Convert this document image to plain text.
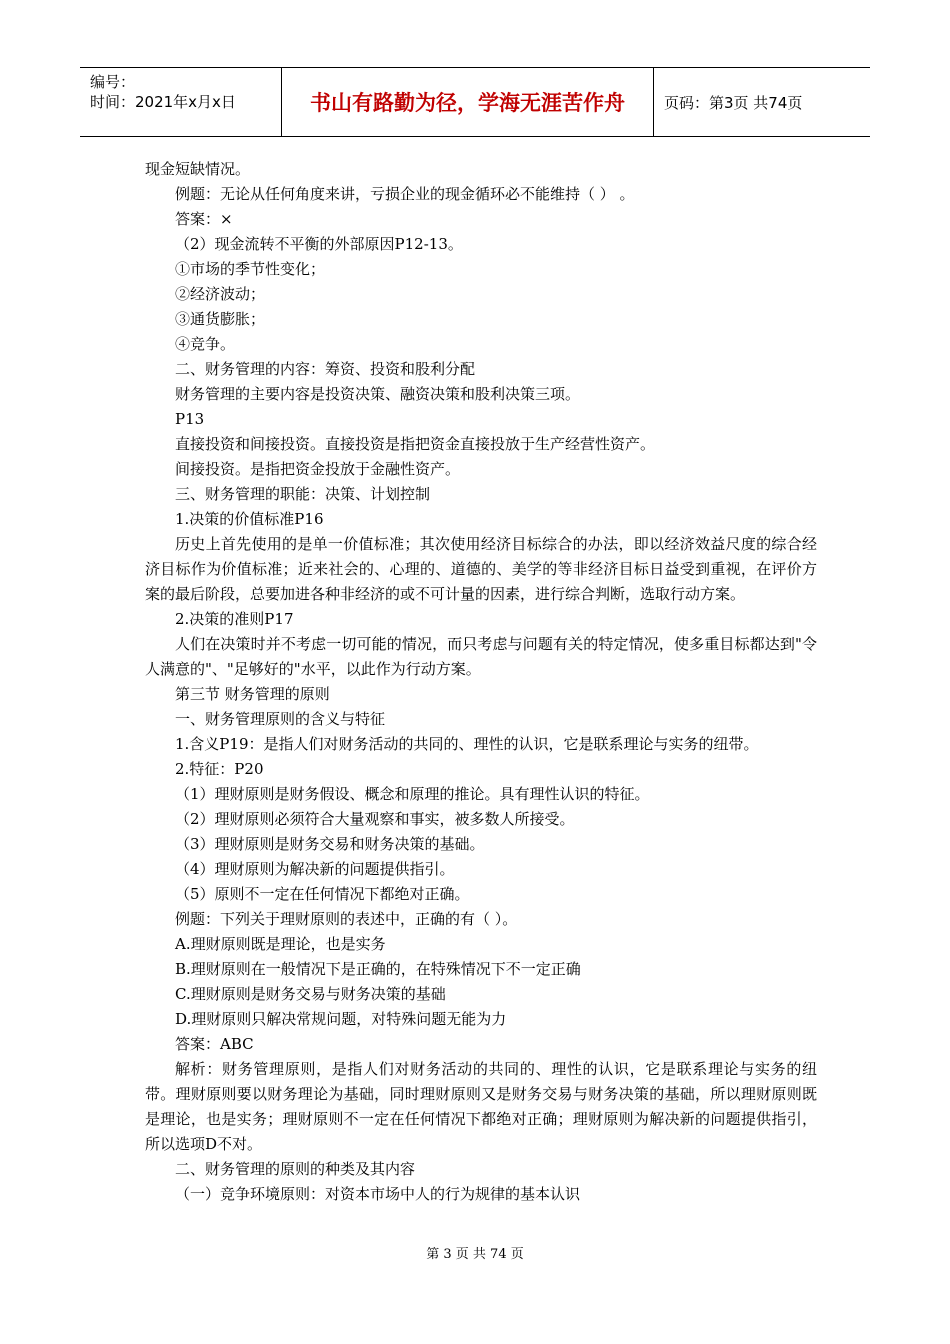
编号：
时间：2021年x月x日	书山有路勤为径，学海无涯苦作舟	页码：第3页 共74页
现金短缺情况。
例题：无论从任何角度来讲，亏损企业的现金循环必不能维持（ ） 。
答案：×
（2）现金流转不平衡的外部原因P12-13。
①市场的季节性变化；
②经济波动；
③通货膨胀；
④竞争。
二、财务管理的内容：筹资、投资和股利分配
财务管理的主要内容是投资决策、融资决策和股利决策三项。
P13
直接投资和间接投资。直接投资是指把资金直接投放于生产经营性资产。
间接投资。是指把资金投放于金融性资产。
三、财务管理的职能：决策、计划控制
1.决策的价值标准P16
历史上首先使用的是单一价值标准；其次使用经济目标综合的办法，即以经济效益尺度的综合经济目标作为价值标准；近来社会的、心理的、道德的、美学的等非经济目标日益受到重视，在评价方案的最后阶段，总要加进各种非经济的或不可计量的因素，进行综合判断，选取行动方案。
2.决策的准则P17
人们在决策时并不考虑一切可能的情况，而只考虑与问题有关的特定情况，使多重目标都达到"令人满意的"、"足够好的"水平，以此作为行动方案。
第三节 财务管理的原则
一、财务管理原则的含义与特征
1.含义P19：是指人们对财务活动的共同的、理性的认识，它是联系理论与实务的纽带。
2.特征：P20
（1）理财原则是财务假设、概念和原理的推论。具有理性认识的特征。
（2）理财原则必须符合大量观察和事实，被多数人所接受。
（3）理财原则是财务交易和财务决策的基础。
（4）理财原则为解决新的问题提供指引。
（5）原则不一定在任何情况下都绝对正确。
例题：下列关于理财原则的表述中，正确的有（ ）。
A.理财原则既是理论，也是实务
B.理财原则在一般情况下是正确的，在特殊情况下不一定正确
C.理财原则是财务交易与财务决策的基础
D.理财原则只解决常规问题，对特殊问题无能为力
答案：ABC
解析：财务管理原则，是指人们对财务活动的共同的、理性的认识，它是联系理论与实务的纽带。理财原则要以财务理论为基础，同时理财原则又是财务交易与财务决策的基础，所以理财原则既是理论，也是实务；理财原则不一定在任何情况下都绝对正确；理财原则为解决新的问题提供指引，所以选项D不对。
二、财务管理的原则的种类及其内容
（一）竞争环境原则：对资本市场中人的行为规律的基本认识
第 3 页 共 74 页
